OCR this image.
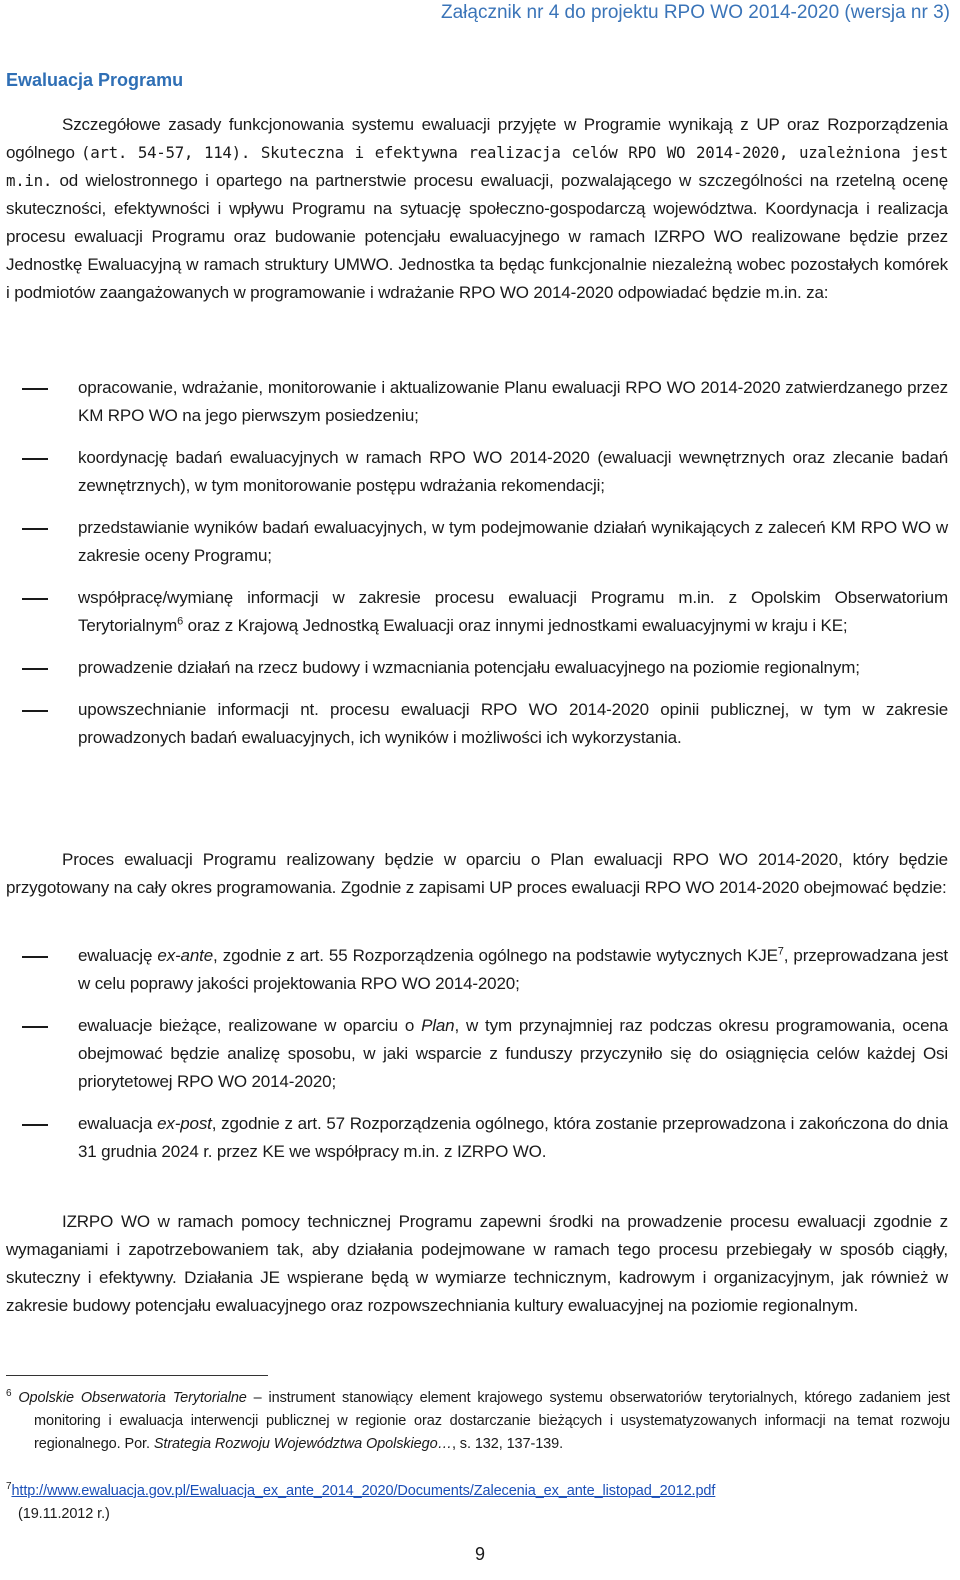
Załącznik nr 4 do projektu RPO WO 2014-2020 (wersja nr 3)
Ewaluacja Programu

Szczegółowe zasady funkcjonowania systemu ewaluacji przyjęte w Programie wynikają z UP oraz Rozporządzenia ogólnego (art. 54-57, 114). Skuteczna i efektywna realizacja celów RPO WO 2014-2020, uzależniona jest m.in. od wielostronnego i opartego na partnerstwie procesu ewaluacji, pozwalającego w szczególności na rzetelną ocenę skuteczności, efektywności i wpływu Programu na sytuację społeczno-gospodarczą województwa. Koordynacja i realizacja procesu ewaluacji Programu oraz budowanie potencjału ewaluacyjnego w ramach IZRPO WO realizowane będzie przez Jednostkę Ewaluacyjną w ramach struktury UMWO. Jednostka ta będąc funkcjonalnie niezależną wobec pozostałych komórek i podmiotów zaangażowanych w programowanie i wdrażanie RPO WO 2014-2020 odpowiadać będzie m.in. za:

opracowanie, wdrażanie, monitorowanie i aktualizowanie Planu ewaluacji RPO WO 2014-2020 zatwierdzanego przez KM RPO WO na jego pierwszym posiedzeniu;
koordynację badań ewaluacyjnych w ramach RPO WO 2014-2020 (ewaluacji wewnętrznych oraz zlecanie badań zewnętrznych), w tym monitorowanie postępu wdrażania rekomendacji;
przedstawianie wyników badań ewaluacyjnych, w tym podejmowanie działań wynikających z zaleceń KM RPO WO w zakresie oceny Programu;
współpracę/wymianę informacji w zakresie procesu ewaluacji Programu m.in. z Opolskim Obserwatorium Terytorialnym$^6$ oraz z Krajową Jednostką Ewaluacji oraz innymi jednostkami ewaluacyjnymi w kraju i KE;
prowadzenie działań na rzecz budowy i wzmacniania potencjału ewaluacyjnego na poziomie regionalnym;
upowszechnianie informacji nt. procesu ewaluacji RPO WO 2014-2020 opinii publicznej, w tym w zakresie prowadzonych badań ewaluacyjnych, ich wyników i możliwości ich wykorzystania.

Proces ewaluacji Programu realizowany będzie w oparciu o Plan ewaluacji RPO WO 2014-2020, który będzie przygotowany na cały okres programowania. Zgodnie z zapisami UP proces ewaluacji RPO WO 2014-2020 obejmować będzie:

ewaluację ex-ante, zgodnie z art. 55 Rozporządzenia ogólnego na podstawie wytycznych KJE$^7$, przeprowadzana jest w celu poprawy jakości projektowania RPO WO 2014-2020;
ewaluacje bieżące, realizowane w oparciu o Plan, w tym przynajmniej raz podczas okresu programowania, ocena obejmować będzie analizę sposobu, w jaki wsparcie z funduszy przyczyniło się do osiągnięcia celów każdej Osi priorytetowej RPO WO 2014-2020;
ewaluacja ex-post, zgodnie z art. 57 Rozporządzenia ogólnego, która zostanie przeprowadzona i zakończona do dnia 31 grudnia 2024 r. przez KE we współpracy m.in. z IZRPO WO.

IZRPO WO w ramach pomocy technicznej Programu zapewni środki na prowadzenie procesu ewaluacji zgodnie z wymaganiami i zapotrzebowaniem tak, aby działania podejmowane w ramach tego procesu przebiegały w sposób ciągły, skuteczny i efektywny. Działania JE wspierane będą w wymiarze technicznym, kadrowym i organizacyjnym, jak również w zakresie budowy potencjału ewaluacyjnego oraz rozpowszechniania kultury ewaluacyjnej na poziomie regionalnym.

$^6$ Opolskie Obserwatoria Terytorialne – instrument stanowiący element krajowego systemu obserwatoriów terytorialnych, którego zadaniem jest monitoring i ewaluacja interwencji publicznej w regionie oraz dostarczanie bieżących i usystematyzowanych informacji na temat rozwoju regionalnego. Por. Strategia Rozwoju Województwa Opolskiego…, s. 132, 137-139.
$^7$http://www.ewaluacja.gov.pl/Ewaluacja_ex_ante_2014_2020/Documents/Zalecenia_ex_ante_listopad_2012.pdf
(19.11.2012 r.)
9
